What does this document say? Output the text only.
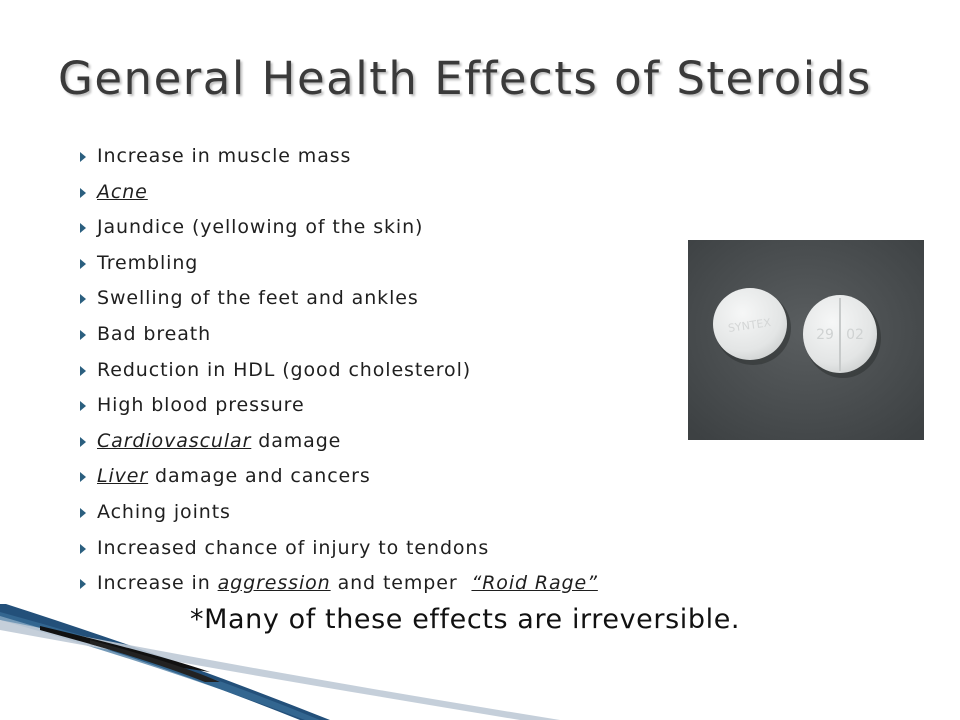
General Health Effects of Steroids
Increase in muscle mass
Acne
Jaundice (yellowing of the skin)
Trembling
Swelling of the feet and ankles
Bad breath
Reduction in HDL (good cholesterol)
High blood pressure
Cardiovascular damage
Liver damage and cancers
Aching joints
Increased chance of injury to tendons
Increase in aggression and temper  “Roid Rage”
*Many of these effects are irreversible.
SYNTEX
29 02
